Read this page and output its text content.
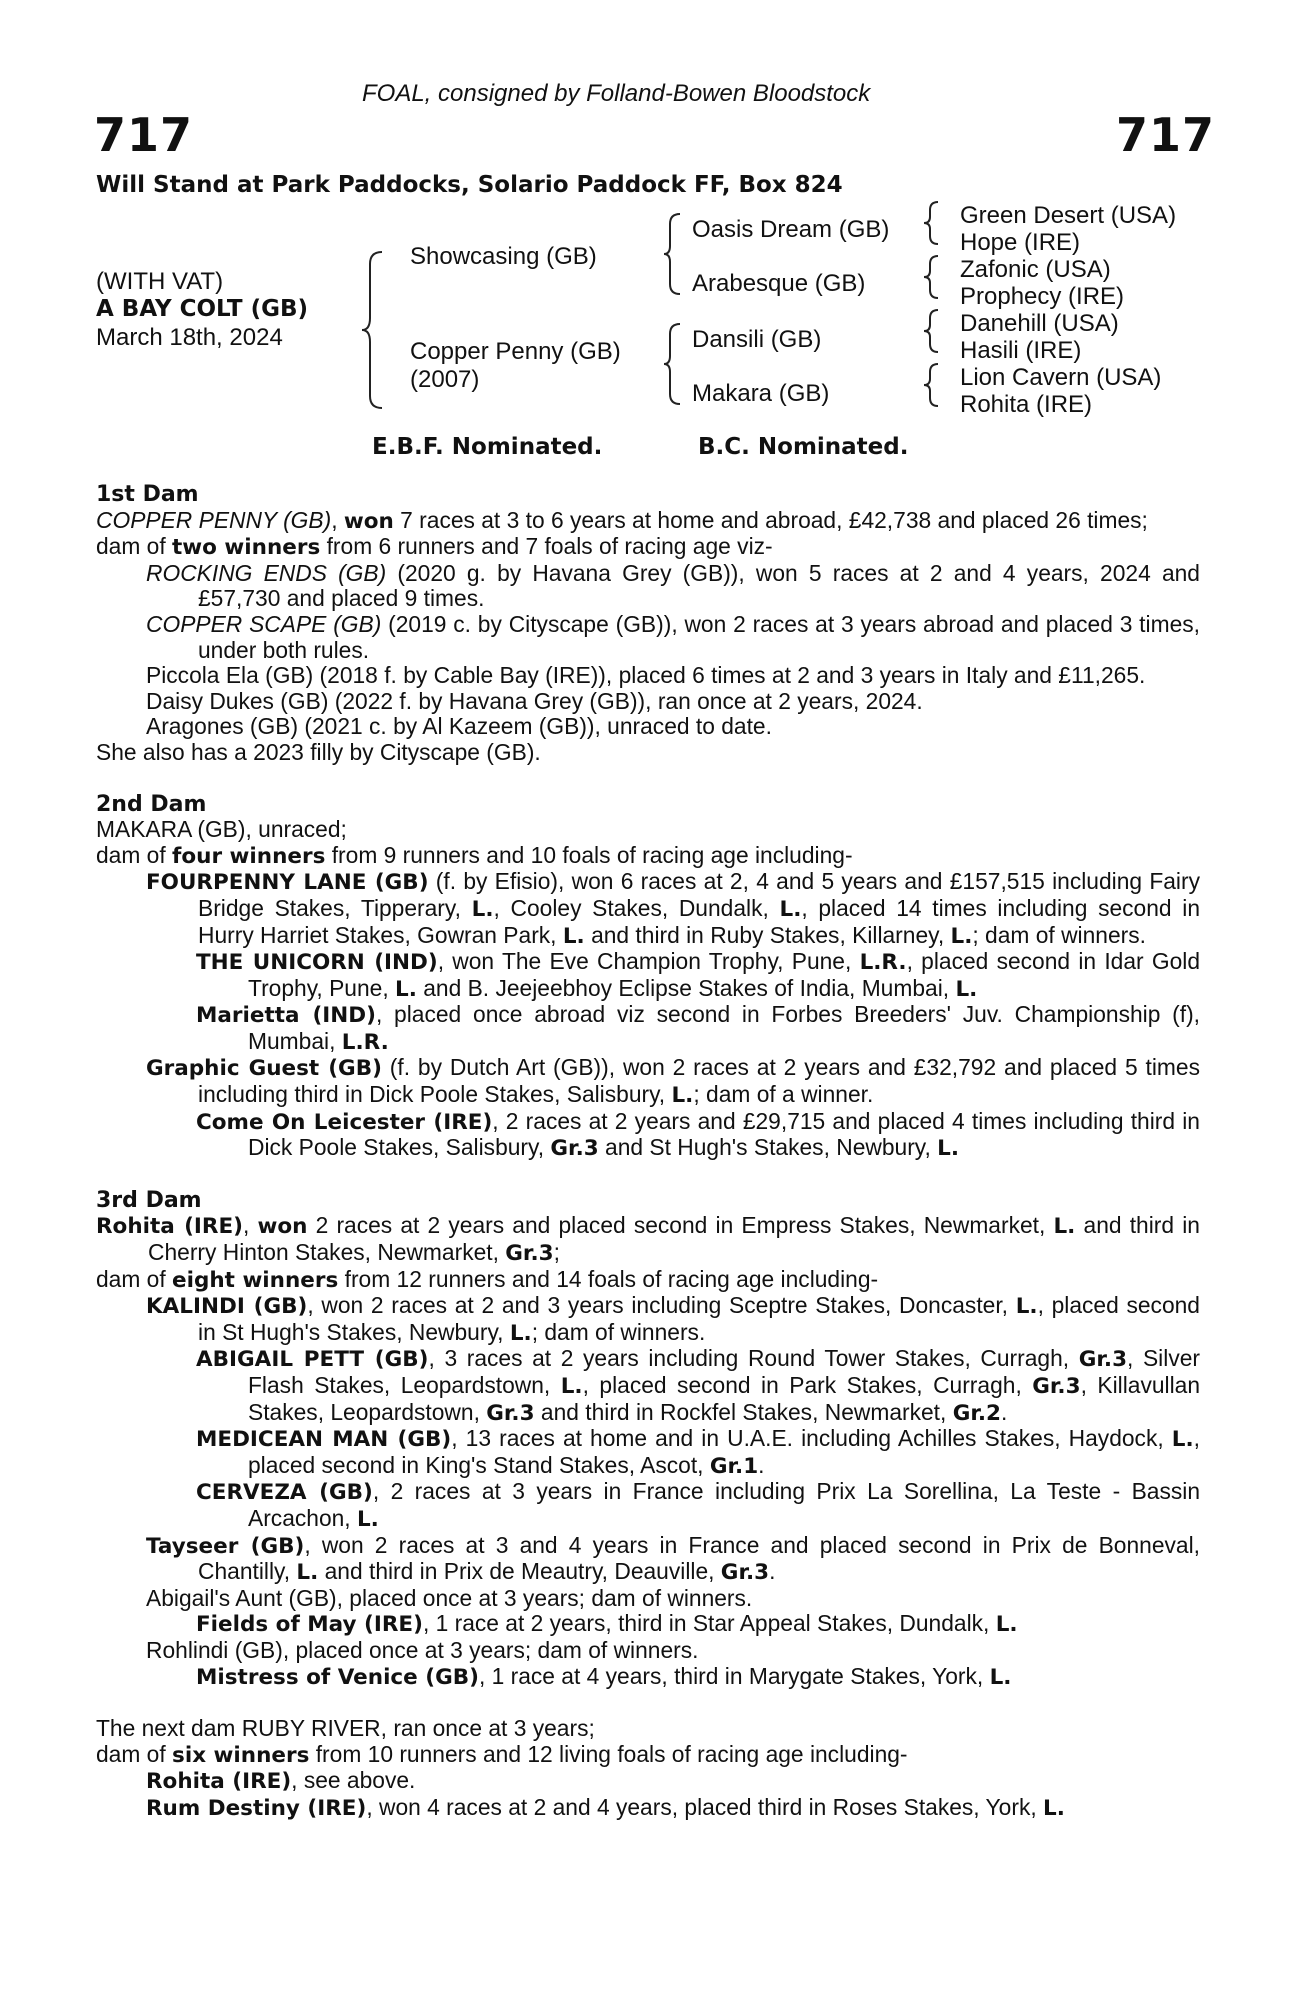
FOAL, consigned by Folland-Bowen Bloodstock
717	717
Will Stand at Park Paddocks, Solario Paddock FF, Box 824
(WITH VAT)
A BAY COLT (GB)
March 18th, 2024
Showcasing (GB)
Copper Penny (GB)
(2007)
Oasis Dream (GB)
Arabesque (GB)
Dansili (GB)
Makara (GB)
Green Desert (USA)
Hope (IRE)
Zafonic (USA)
Prophecy (IRE)
Danehill (USA)
Hasili (IRE)
Lion Cavern (USA)
Rohita (IRE)
E.B.F. Nominated.	B.C. Nominated.
1st Dam
COPPER PENNY (GB), won 7 races at 3 to 6 years at home and abroad, £42,738 and placed 26 times;
dam of two winners from 6 runners and 7 foals of racing age viz-
ROCKING ENDS (GB) (2020 g. by Havana Grey (GB)), won 5 races at 2 and 4 years, 2024 and £57,730 and placed 9 times.
COPPER SCAPE (GB) (2019 c. by Cityscape (GB)), won 2 races at 3 years abroad and placed 3 times, under both rules.
Piccola Ela (GB) (2018 f. by Cable Bay (IRE)), placed 6 times at 2 and 3 years in Italy and £11,265.
Daisy Dukes (GB) (2022 f. by Havana Grey (GB)), ran once at 2 years, 2024.
Aragones (GB) (2021 c. by Al Kazeem (GB)), unraced to date.
She also has a 2023 filly by Cityscape (GB).
2nd Dam
MAKARA (GB), unraced;
dam of four winners from 9 runners and 10 foals of racing age including-
FOURPENNY LANE (GB) (f. by Efisio), won 6 races at 2, 4 and 5 years and £157,515 including Fairy Bridge Stakes, Tipperary, L., Cooley Stakes, Dundalk, L., placed 14 times including second in Hurry Harriet Stakes, Gowran Park, L. and third in Ruby Stakes, Killarney, L.; dam of winners.
THE UNICORN (IND), won The Eve Champion Trophy, Pune, L.R., placed second in Idar Gold Trophy, Pune, L. and B. Jeejeebhoy Eclipse Stakes of India, Mumbai, L.
Marietta (IND), placed once abroad viz second in Forbes Breeders' Juv. Championship (f), Mumbai, L.R.
Graphic Guest (GB) (f. by Dutch Art (GB)), won 2 races at 2 years and £32,792 and placed 5 times including third in Dick Poole Stakes, Salisbury, L.; dam of a winner.
Come On Leicester (IRE), 2 races at 2 years and £29,715 and placed 4 times including third in Dick Poole Stakes, Salisbury, Gr.3 and St Hugh's Stakes, Newbury, L.
3rd Dam
Rohita (IRE), won 2 races at 2 years and placed second in Empress Stakes, Newmarket, L. and third in Cherry Hinton Stakes, Newmarket, Gr.3;
dam of eight winners from 12 runners and 14 foals of racing age including-
KALINDI (GB), won 2 races at 2 and 3 years including Sceptre Stakes, Doncaster, L., placed second in St Hugh's Stakes, Newbury, L.; dam of winners.
ABIGAIL PETT (GB), 3 races at 2 years including Round Tower Stakes, Curragh, Gr.3, Silver Flash Stakes, Leopardstown, L., placed second in Park Stakes, Curragh, Gr.3, Killavullan Stakes, Leopardstown, Gr.3 and third in Rockfel Stakes, Newmarket, Gr.2.
MEDICEAN MAN (GB), 13 races at home and in U.A.E. including Achilles Stakes, Haydock, L., placed second in King's Stand Stakes, Ascot, Gr.1.
CERVEZA (GB), 2 races at 3 years in France including Prix La Sorellina, La Teste - Bassin Arcachon, L.
Tayseer (GB), won 2 races at 3 and 4 years in France and placed second in Prix de Bonneval, Chantilly, L. and third in Prix de Meautry, Deauville, Gr.3.
Abigail's Aunt (GB), placed once at 3 years; dam of winners.
Fields of May (IRE), 1 race at 2 years, third in Star Appeal Stakes, Dundalk, L.
Rohlindi (GB), placed once at 3 years; dam of winners.
Mistress of Venice (GB), 1 race at 4 years, third in Marygate Stakes, York, L.
The next dam RUBY RIVER, ran once at 3 years;
dam of six winners from 10 runners and 12 living foals of racing age including-
Rohita (IRE), see above.
Rum Destiny (IRE), won 4 races at 2 and 4 years, placed third in Roses Stakes, York, L.
